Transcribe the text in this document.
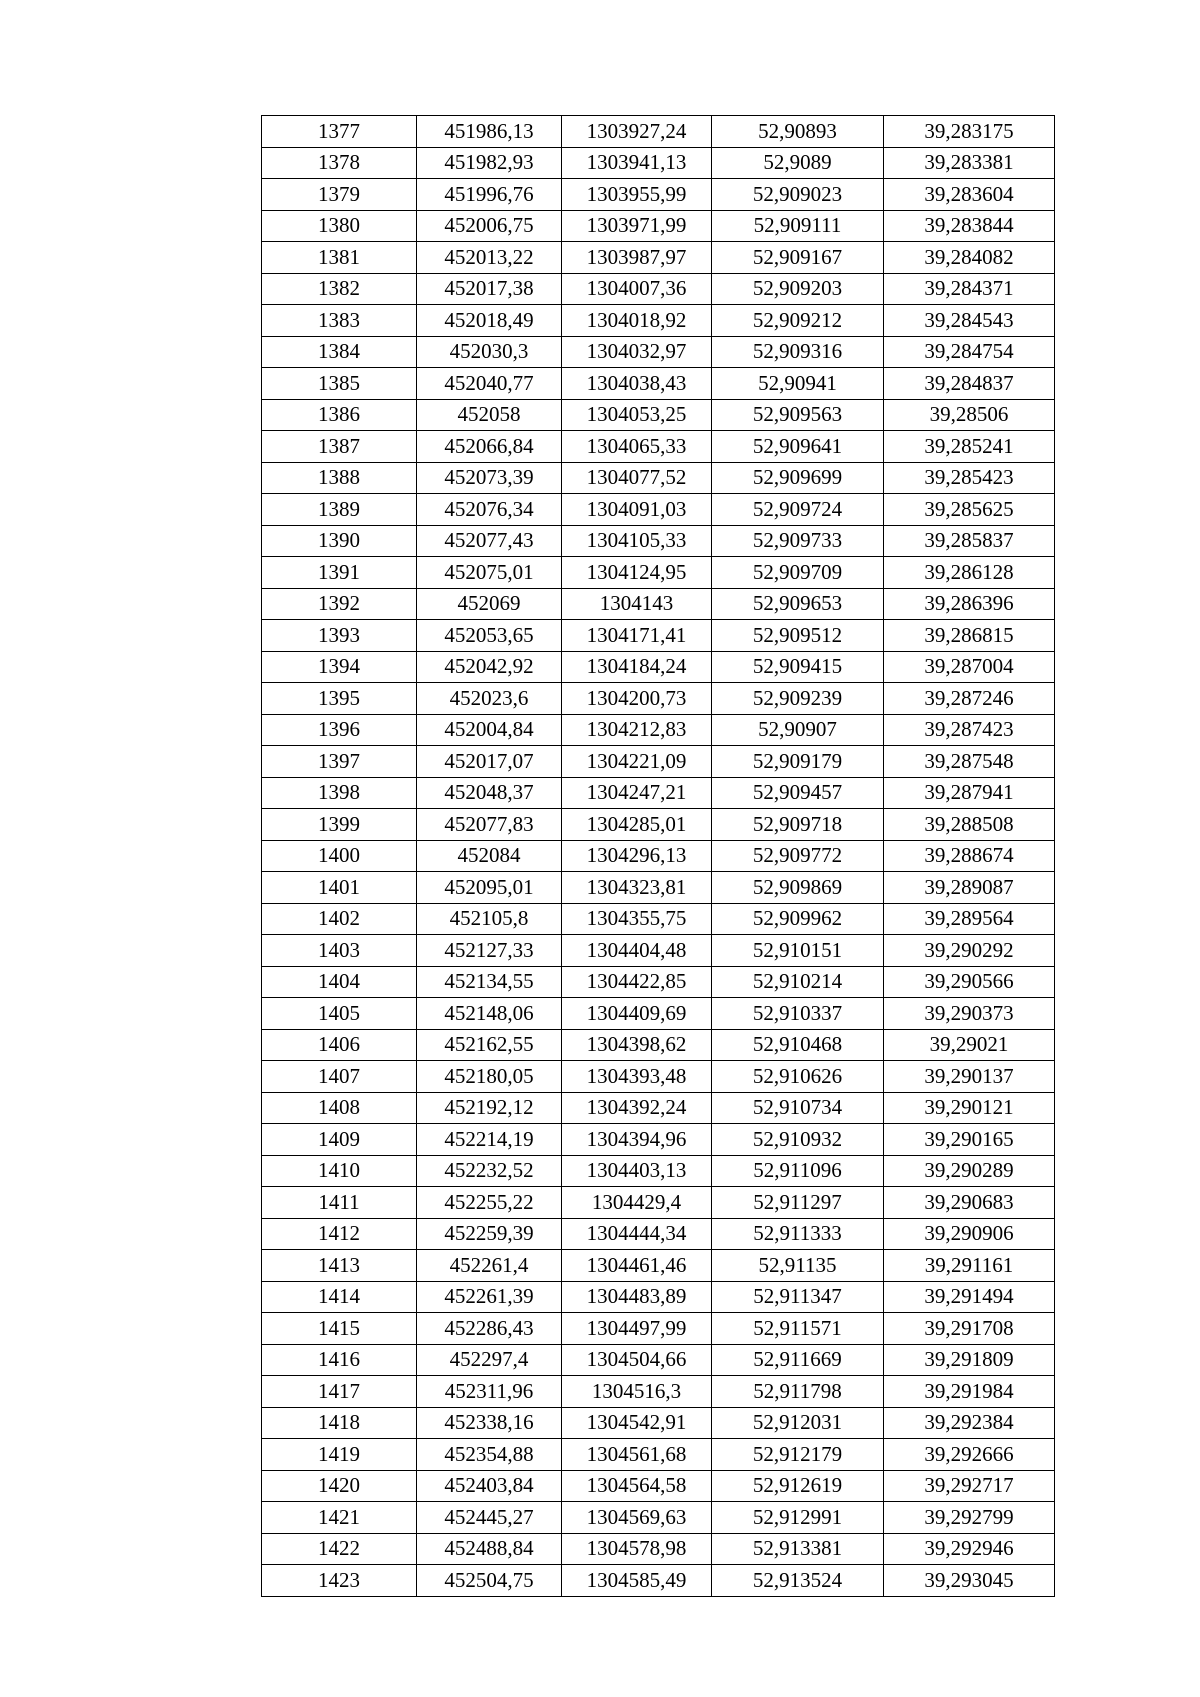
1377	451986,13	1303927,24	52,90893	39,283175
1378	451982,93	1303941,13	52,9089	39,283381
1379	451996,76	1303955,99	52,909023	39,283604
1380	452006,75	1303971,99	52,909111	39,283844
1381	452013,22	1303987,97	52,909167	39,284082
1382	452017,38	1304007,36	52,909203	39,284371
1383	452018,49	1304018,92	52,909212	39,284543
1384	452030,3	1304032,97	52,909316	39,284754
1385	452040,77	1304038,43	52,90941	39,284837
1386	452058	1304053,25	52,909563	39,28506
1387	452066,84	1304065,33	52,909641	39,285241
1388	452073,39	1304077,52	52,909699	39,285423
1389	452076,34	1304091,03	52,909724	39,285625
1390	452077,43	1304105,33	52,909733	39,285837
1391	452075,01	1304124,95	52,909709	39,286128
1392	452069	1304143	52,909653	39,286396
1393	452053,65	1304171,41	52,909512	39,286815
1394	452042,92	1304184,24	52,909415	39,287004
1395	452023,6	1304200,73	52,909239	39,287246
1396	452004,84	1304212,83	52,90907	39,287423
1397	452017,07	1304221,09	52,909179	39,287548
1398	452048,37	1304247,21	52,909457	39,287941
1399	452077,83	1304285,01	52,909718	39,288508
1400	452084	1304296,13	52,909772	39,288674
1401	452095,01	1304323,81	52,909869	39,289087
1402	452105,8	1304355,75	52,909962	39,289564
1403	452127,33	1304404,48	52,910151	39,290292
1404	452134,55	1304422,85	52,910214	39,290566
1405	452148,06	1304409,69	52,910337	39,290373
1406	452162,55	1304398,62	52,910468	39,29021
1407	452180,05	1304393,48	52,910626	39,290137
1408	452192,12	1304392,24	52,910734	39,290121
1409	452214,19	1304394,96	52,910932	39,290165
1410	452232,52	1304403,13	52,911096	39,290289
1411	452255,22	1304429,4	52,911297	39,290683
1412	452259,39	1304444,34	52,911333	39,290906
1413	452261,4	1304461,46	52,91135	39,291161
1414	452261,39	1304483,89	52,911347	39,291494
1415	452286,43	1304497,99	52,911571	39,291708
1416	452297,4	1304504,66	52,911669	39,291809
1417	452311,96	1304516,3	52,911798	39,291984
1418	452338,16	1304542,91	52,912031	39,292384
1419	452354,88	1304561,68	52,912179	39,292666
1420	452403,84	1304564,58	52,912619	39,292717
1421	452445,27	1304569,63	52,912991	39,292799
1422	452488,84	1304578,98	52,913381	39,292946
1423	452504,75	1304585,49	52,913524	39,293045
